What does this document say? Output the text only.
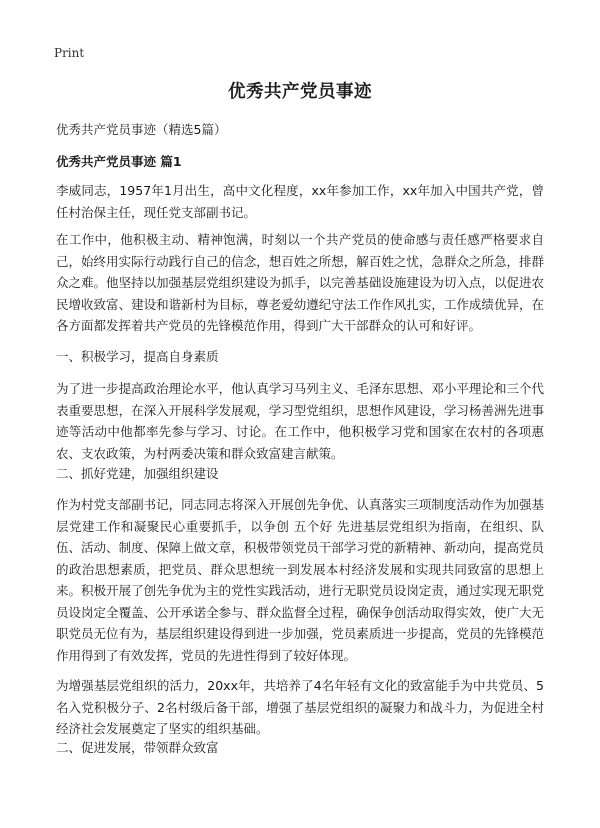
Print
优秀共产党员事迹
优秀共产党员事迹（精选5篇）
优秀共产党员事迹 篇1

李威同志，1957年1月出生，高中文化程度，xx年参加工作，xx年加入中国共产党，曾任村治保主任，现任党支部副书记。

在工作中，他积极主动、精神饱满，时刻以一个共产党员的使命感与责任感严格要求自己，始终用实际行动践行自己的信念，想百姓之所想，解百姓之忧，急群众之所急，排群众之难。他坚持以加强基层党组织建设为抓手，以完善基础设施建设为切入点，以促进农民增收致富、建设和谐新村为目标，尊老爱幼遵纪守法工作作风扎实，工作成绩优异，在各方面都发挥着共产党员的先锋模范作用，得到广大干部群众的认可和好评。

一、积极学习，提高自身素质

为了进一步提高政治理论水平，他认真学习马列主义、毛泽东思想、邓小平理论和三个代表重要思想，在深入开展科学发展观，学习型党组织，思想作风建设，学习杨善洲先进事迹等活动中他都率先参与学习、讨论。在工作中，他积极学习党和国家在农村的各项惠农、支农政策，为村两委决策和群众致富建言献策。

二、抓好党建，加强组织建设

作为村党支部副书记，同志同志将深入开展创先争优、认真落实三项制度活动作为加强基层党建工作和凝聚民心重要抓手，以争创 五个好 先进基层党组织为指南，在组织、队伍、活动、制度、保障上做文章，积极带领党员干部学习党的新精神、新动向，提高党员的政治思想素质，把党员、群众思想统一到发展本村经济发展和实现共同致富的思想上来。积极开展了创先争优为主的党性实践活动，进行无职党员设岗定责，通过实现无职党员设岗定全覆盖、公开承诺全参与、群众监督全过程，确保争创活动取得实效，使广大无职党员无位有为，基层组织建设得到进一步加强，党员素质进一步提高，党员的先锋模范作用得到了有效发挥，党员的先进性得到了较好体现。

为增强基层党组织的活力，20xx年，共培养了4名年轻有文化的致富能手为中共党员、5名入党积极分子、2名村级后备干部，增强了基层党组织的凝聚力和战斗力，为促进全村经济社会发展奠定了坚实的组织基础。

二、促进发展，带领群众致富
